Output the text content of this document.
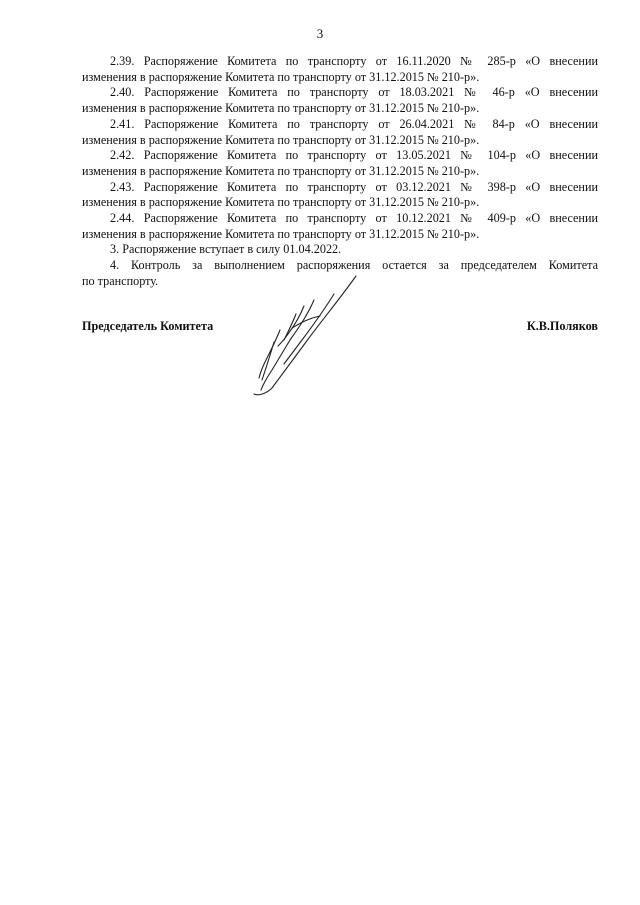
3
2.39. Распоряжение Комитета по транспорту от 16.11.2020 № 285-р «О внесении
изменения в распоряжение Комитета по транспорту от 31.12.2015 № 210-р».
2.40. Распоряжение Комитета по транспорту от 18.03.2021 № 46-р «О внесении
изменения в распоряжение Комитета по транспорту от 31.12.2015 № 210-р».
2.41. Распоряжение Комитета по транспорту от 26.04.2021 № 84-р «О внесении
изменения в распоряжение Комитета по транспорту от 31.12.2015 № 210-р».
2.42. Распоряжение Комитета по транспорту от 13.05.2021 № 104-р «О внесении
изменения в распоряжение Комитета по транспорту от 31.12.2015 № 210-р».
2.43. Распоряжение Комитета по транспорту от 03.12.2021 № 398-р «О внесении
изменения в распоряжение Комитета по транспорту от 31.12.2015 № 210-р».
2.44. Распоряжение Комитета по транспорту от 10.12.2021 № 409-р «О внесении
изменения в распоряжение Комитета по транспорту от 31.12.2015 № 210-р».
3. Распоряжение вступает в силу 01.04.2022.
4. Контроль за выполнением распоряжения остается за председателем Комитета
по транспорту.
Председатель Комитета	К.В.Поляков
